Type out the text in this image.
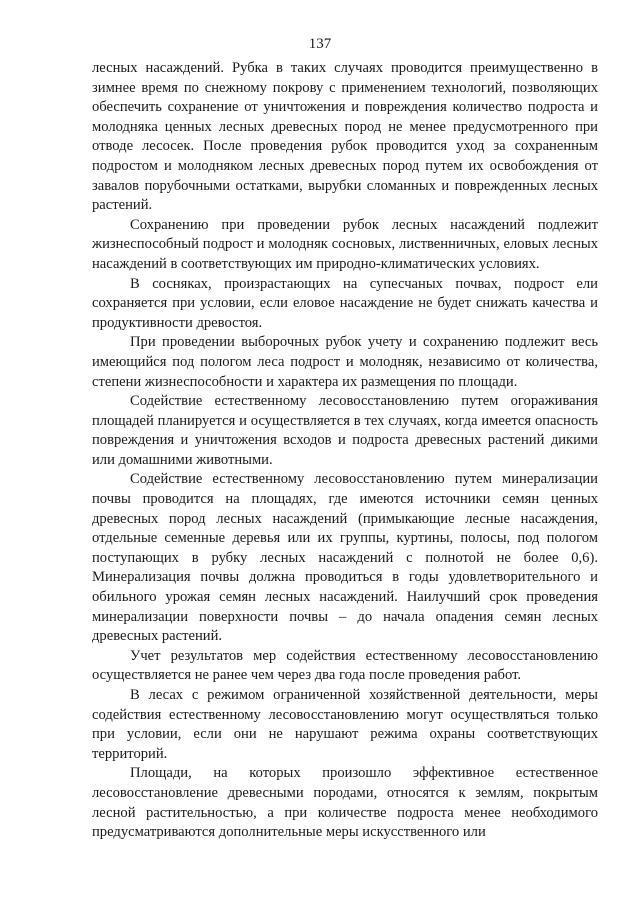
137

лесных насаждений. Рубка в таких случаях проводится преимущественно в зимнее время по снежному покрову с применением технологий, позволяющих обеспечить сохранение от уничтожения и повреждения количество подроста и молодняка ценных лесных древесных пород не менее предусмотренного при отводе лесосек. После проведения рубок проводится уход за сохраненным подростом и молодняком лесных древесных пород путем их освобождения от завалов порубочными остатками, вырубки сломанных и поврежденных лесных растений.

Сохранению при проведении рубок лесных насаждений подлежит жизнеспособный подрост и молодняк сосновых, лиственничных, еловых лесных насаждений в соответствующих им природно-климатических условиях.

В сосняках, произрастающих на супесчаных почвах, подрост ели сохраняется при условии, если еловое насаждение не будет снижать качества и продуктивности древостоя.

При проведении выборочных рубок учету и сохранению подлежит весь имеющийся под пологом леса подрост и молодняк, независимо от количества, степени жизнеспособности и характера их размещения по площади.

Содействие естественному лесовосстановлению путем огораживания площадей планируется и осуществляется в тех случаях, когда имеется опасность повреждения и уничтожения всходов и подроста древесных растений дикими или домашними животными.

Содействие естественному лесовосстановлению путем минерализации почвы проводится на площадях, где имеются источники семян ценных древесных пород лесных насаждений (примыкающие лесные насаждения, отдельные семенные деревья или их группы, куртины, полосы, под пологом поступающих в рубку лесных насаждений с полнотой не более 0,6). Минерализация почвы должна проводиться в годы удовлетворительного и обильного урожая семян лесных насаждений. Наилучший срок проведения минерализации поверхности почвы – до начала опадения семян лесных древесных растений.

Учет результатов мер содействия естественному лесовосстановлению осуществляется не ранее чем через два года после проведения работ.

В лесах с режимом ограниченной хозяйственной деятельности, меры содействия естественному лесовосстановлению могут осуществляться только при условии, если они не нарушают режима охраны соответствующих территорий.

Площади, на которых произошло эффективное естественное лесовосстановление древесными породами, относятся к землям, покрытым лесной растительностью, а при количестве подроста менее необходимого предусматриваются дополнительные меры искусственного или
